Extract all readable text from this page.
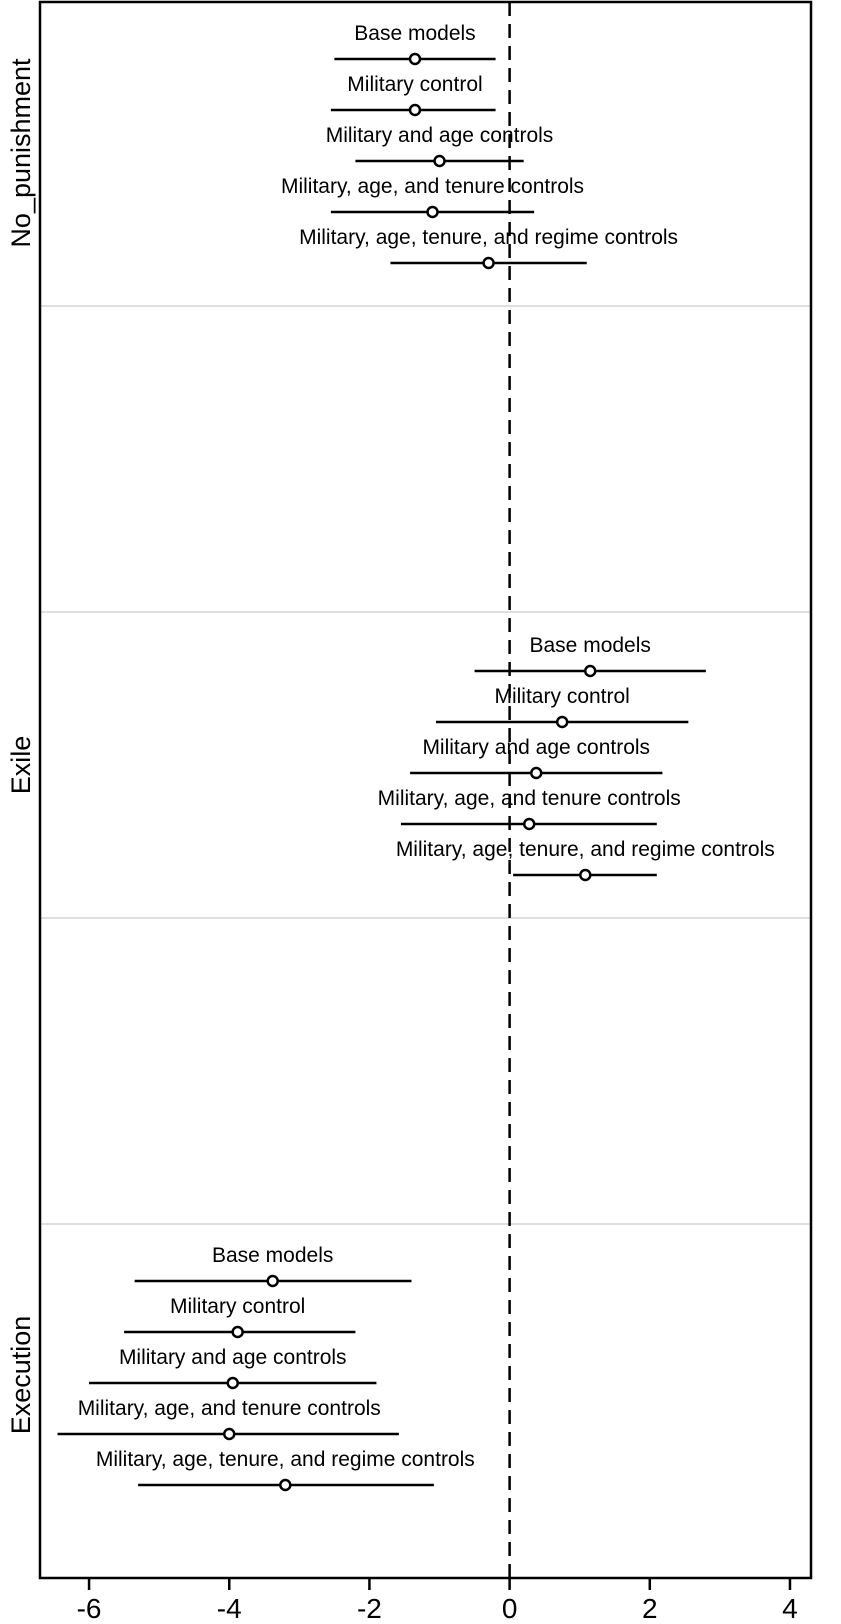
Base models
Military control
Military and age controls
Military, age, and tenure controls
Military, age, tenure, and regime controls
Base models
Military control
Military and age controls
Military, age, and tenure controls
Military, age, tenure, and regime controls
Base models
Military control
Military and age controls
Military, age, and tenure controls
Military, age, tenure, and regime controls
No_punishment
Exile
Execution
-6	-4	-2	0	2	4
